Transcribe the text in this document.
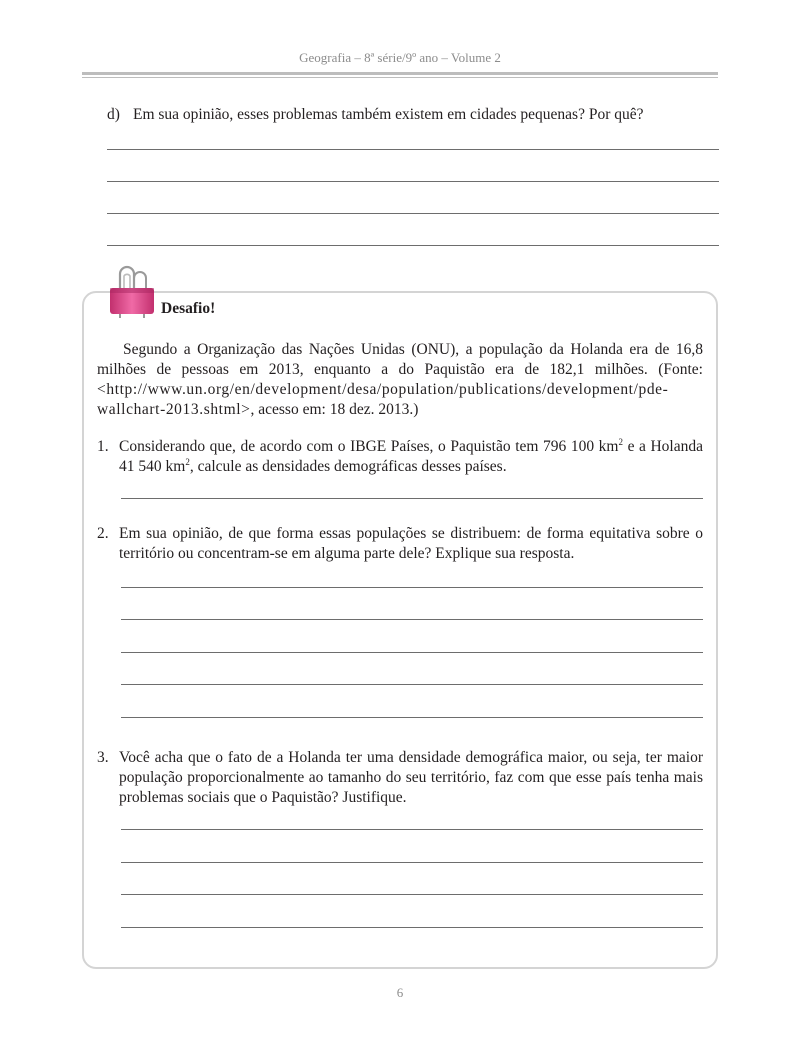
Geografia – 8ª série/9º ano – Volume 2
d) Em sua opinião, esses problemas também existem em cidades pequenas? Por quê?
Desafio!
Segundo a Organização das Nações Unidas (ONU), a população da Holanda era de 16,8 milhões de pessoas em 2013, enquanto a do Paquistão era de 182,1 milhões. (Fonte: <http://www.un.org/en/development/desa/population/publications/development/pde-wallchart-2013.shtml>, acesso em: 18 dez. 2013.)
1. Considerando que, de acordo com o IBGE Países, o Paquistão tem 796 100 $km^2$ e a Holanda 41 540 $km^2$, calcule as densidades demográficas desses países.
2. Em sua opinião, de que forma essas populações se distribuem: de forma equitativa sobre o território ou concentram-se em alguma parte dele? Explique sua resposta.
3. Você acha que o fato de a Holanda ter uma densidade demográfica maior, ou seja, ter maior população proporcionalmente ao tamanho do seu território, faz com que esse país tenha mais problemas sociais que o Paquistão? Justifique.
6
